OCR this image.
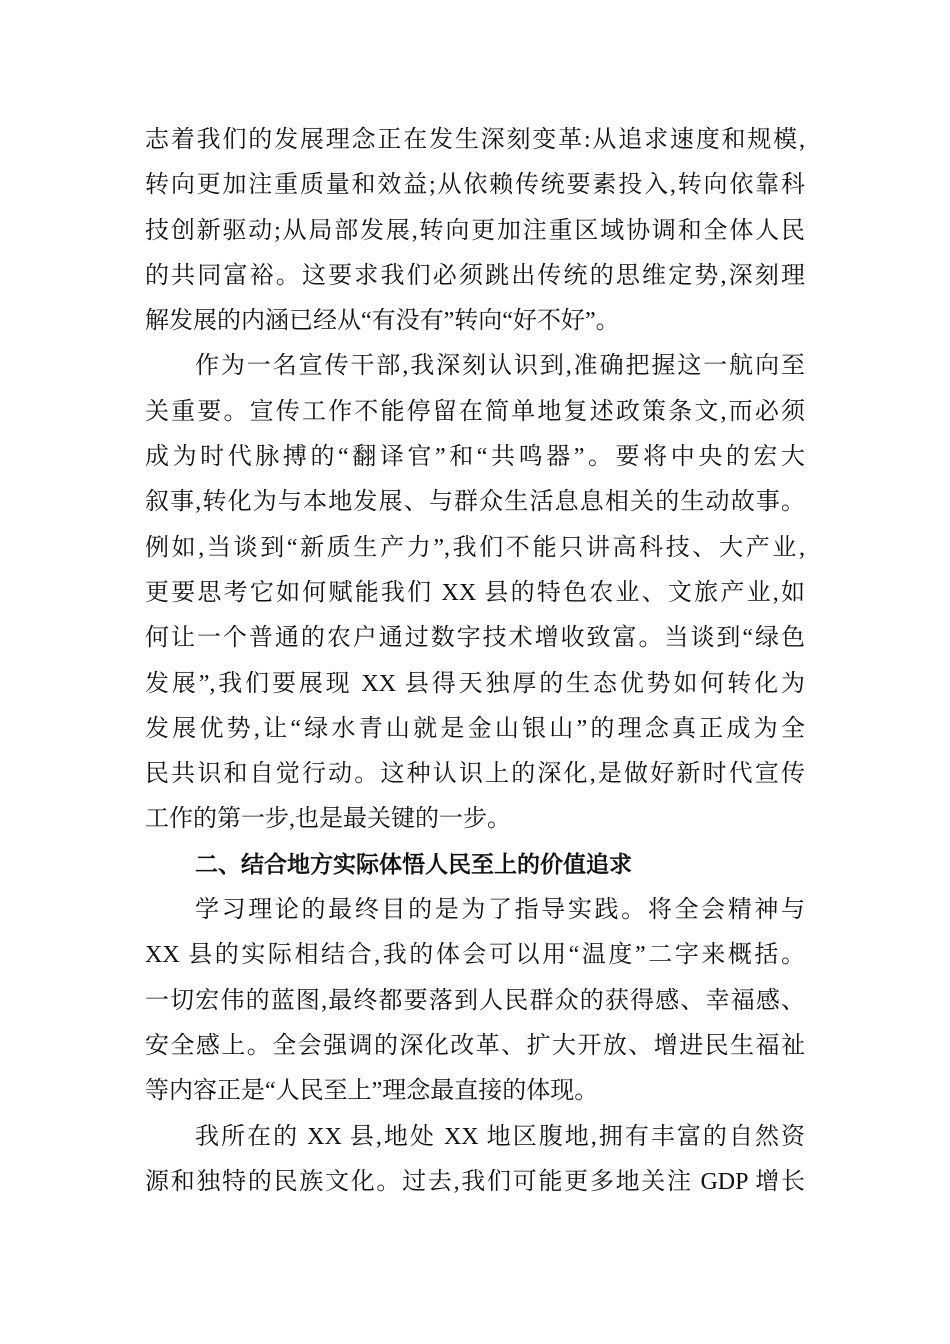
志着我们的发展理念正在发生深刻变革:从追求速度和规模,
转向更加注重质量和效益;从依赖传统要素投入,转向依靠科
技创新驱动;从局部发展,转向更加注重区域协调和全体人民
的共同富裕。这要求我们必须跳出传统的思维定势,深刻理
解发展的内涵已经从“有没有”转向“好不好”。
作为一名宣传干部,我深刻认识到,准确把握这一航向至
关重要。宣传工作不能停留在简单地复述政策条文,而必须
成为时代脉搏的“翻译官”和“共鸣器”。要将中央的宏大
叙事,转化为与本地发展、与群众生活息息相关的生动故事。
例如,当谈到“新质生产力”,我们不能只讲高科技、大产业,
更要思考它如何赋能我们 XX 县的特色农业、文旅产业,如
何让一个普通的农户通过数字技术增收致富。当谈到“绿色
发展”,我们要展现 XX 县得天独厚的生态优势如何转化为
发展优势,让“绿水青山就是金山银山”的理念真正成为全
民共识和自觉行动。这种认识上的深化,是做好新时代宣传
工作的第一步,也是最关键的一步。
二、结合地方实际体悟人民至上的价值追求
学习理论的最终目的是为了指导实践。将全会精神与
XX 县的实际相结合,我的体会可以用“温度”二字来概括。
一切宏伟的蓝图,最终都要落到人民群众的获得感、幸福感、
安全感上。全会强调的深化改革、扩大开放、增进民生福祉
等内容正是“人民至上”理念最直接的体现。
我所在的 XX 县,地处 XX 地区腹地,拥有丰富的自然资
源和独特的民族文化。过去,我们可能更多地关注 GDP 增长
